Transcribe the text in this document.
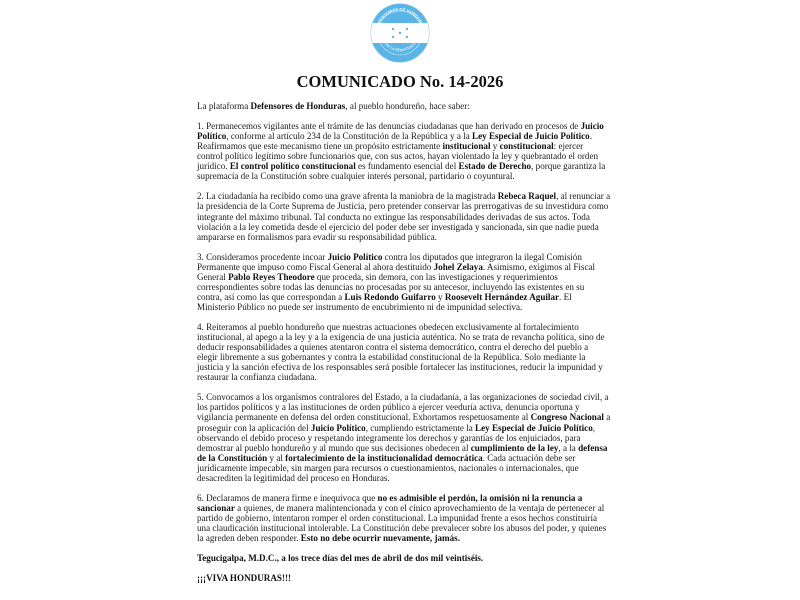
DEFENSORES DE HONDURAS
POR LA DEMOCRACIA
COMUNICADO No. 14-2026

La plataforma Defensores de Honduras, al pueblo hondureño, hace saber:

1. Permanecemos vigilantes ante el trámite de las denuncias ciudadanas que han derivado en procesos de Juicio Político, conforme al artículo 234 de la Constitución de la República y a la Ley Especial de Juicio Político. Reafirmamos que este mecanismo tiene un propósito estrictamente institucional y constitucional: ejercer control político legítimo sobre funcionarios que, con sus actos, hayan violentado la ley y quebrantado el orden jurídico. El control político constitucional es fundamento esencial del Estado de Derecho, porque garantiza la supremacía de la Constitución sobre cualquier interés personal, partidario o coyuntural.

2. La ciudadanía ha recibido como una grave afrenta la maniobra de la magistrada Rebeca Raquel, al renunciar a la presidencia de la Corte Suprema de Justicia, pero pretender conservar las prerrogativas de su investidura como integrante del máximo tribunal. Tal conducta no extingue las responsabilidades derivadas de sus actos. Toda violación a la ley cometida desde el ejercicio del poder debe ser investigada y sancionada, sin que nadie pueda ampararse en formalismos para evadir su responsabilidad pública.

3. Consideramos procedente incoar Juicio Político contra los diputados que integraron la ilegal Comisión Permanente que impuso como Fiscal General al ahora destituido Johel Zelaya. Asimismo, exigimos al Fiscal General Pablo Reyes Theodore que proceda, sin demora, con las investigaciones y requerimientos correspondientes sobre todas las denuncias no procesadas por su antecesor, incluyendo las existentes en su contra, así como las que correspondan a Luis Redondo Guifarro y Roosevelt Hernández Aguilar. El Ministerio Público no puede ser instrumento de encubrimiento ni de impunidad selectiva.

4. Reiteramos al pueblo hondureño que nuestras actuaciones obedecen exclusivamente al fortalecimiento institucional, al apego a la ley y a la exigencia de una justicia auténtica. No se trata de revancha política, sino de deducir responsabilidades a quienes atentaron contra el sistema democrático, contra el derecho del pueblo a elegir libremente a sus gobernantes y contra la estabilidad constitucional de la República. Solo mediante la justicia y la sanción efectiva de los responsables será posible fortalecer las instituciones, reducir la impunidad y restaurar la confianza ciudadana.

5. Convocamos a los organismos contralores del Estado, a la ciudadanía, a las organizaciones de sociedad civil, a los partidos políticos y a las instituciones de orden público a ejercer veeduría activa, denuncia oportuna y vigilancia permanente en defensa del orden constitucional. Exhortamos respetuosamente al Congreso Nacional a proseguir con la aplicación del Juicio Político, cumpliendo estrictamente la Ley Especial de Juicio Político, observando el debido proceso y respetando íntegramente los derechos y garantías de los enjuiciados, para demostrar al pueblo hondureño y al mundo que sus decisiones obedecen al cumplimiento de la ley, a la defensa de la Constitución y al fortalecimiento de la institucionalidad democrática. Cada actuación debe ser jurídicamente impecable, sin margen para recursos o cuestionamientos, nacionales o internacionales, que desacrediten la legitimidad del proceso en Honduras.

6. Declaramos de manera firme e inequívoca que no es admisible el perdón, la omisión ni la renuncia a sancionar a quienes, de manera malintencionada y con el cínico aprovechamiento de la ventaja de pertenecer al partido de gobierno, intentaron romper el orden constitucional. La impunidad frente a esos hechos constituiría una claudicación institucional intolerable. La Constitución debe prevalecer sobre los abusos del poder, y quienes la agreden deben responder. Esto no debe ocurrir nuevamente, jamás.

Tegucigalpa, M.D.C., a los trece días del mes de abril de dos mil veintiséis.

¡¡¡VIVA HONDURAS!!!
